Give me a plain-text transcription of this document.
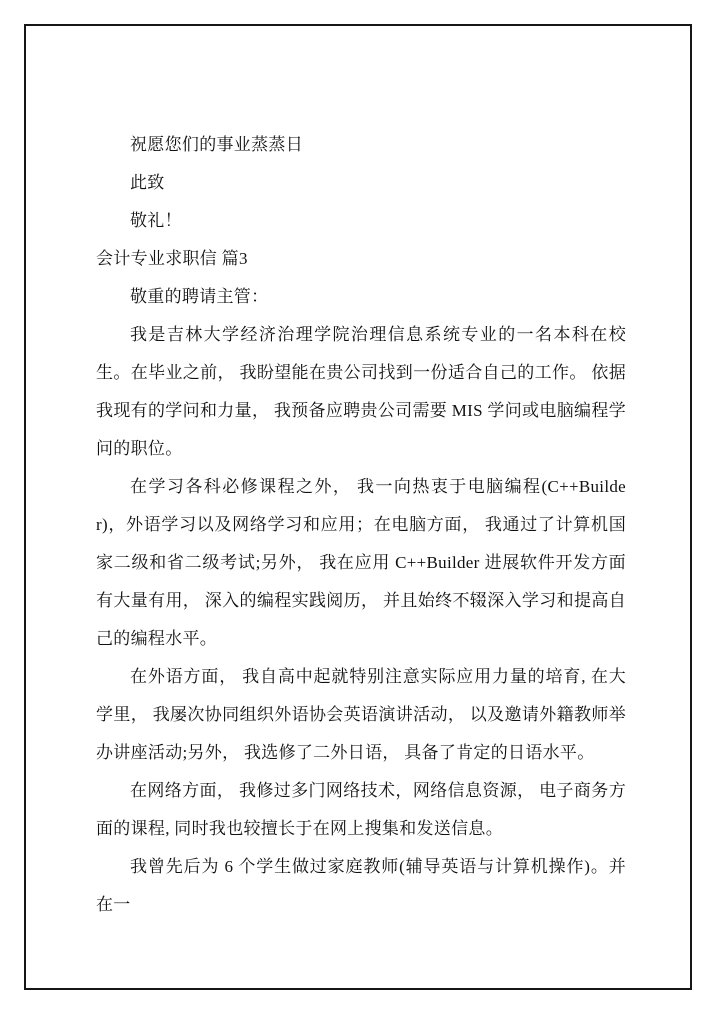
祝愿您们的事业蒸蒸日

此致

敬礼！

会计专业求职信 篇3

敬重的聘请主管：

我是吉林大学经济治理学院治理信息系统专业的一名本科在校生。在毕业之前， 我盼望能在贵公司找到一份适合自己的工作。 依据我现有的学问和力量， 我预备应聘贵公司需要 MIS 学问或电脑编程学问的职位。

在学习各科必修课程之外， 我一向热衷于电脑编程(C++Builder)，外语学习以及网络学习和应用；在电脑方面， 我通过了计算机国家二级和省二级考试;另外， 我在应用 C++Builder 进展软件开发方面有大量有用， 深入的编程实践阅历， 并且始终不辍深入学习和提高自己的编程水平。

在外语方面， 我自高中起就特别注意实际应用力量的培育, 在大学里， 我屡次协同组织外语协会英语演讲活动， 以及邀请外籍教师举办讲座活动;另外， 我选修了二外日语， 具备了肯定的日语水平。

在网络方面， 我修过多门网络技术，网络信息资源， 电子商务方面的课程, 同时我也较擅长于在网上搜集和发送信息。

我曾先后为 6 个学生做过家庭教师(辅导英语与计算机操作)。并在一
